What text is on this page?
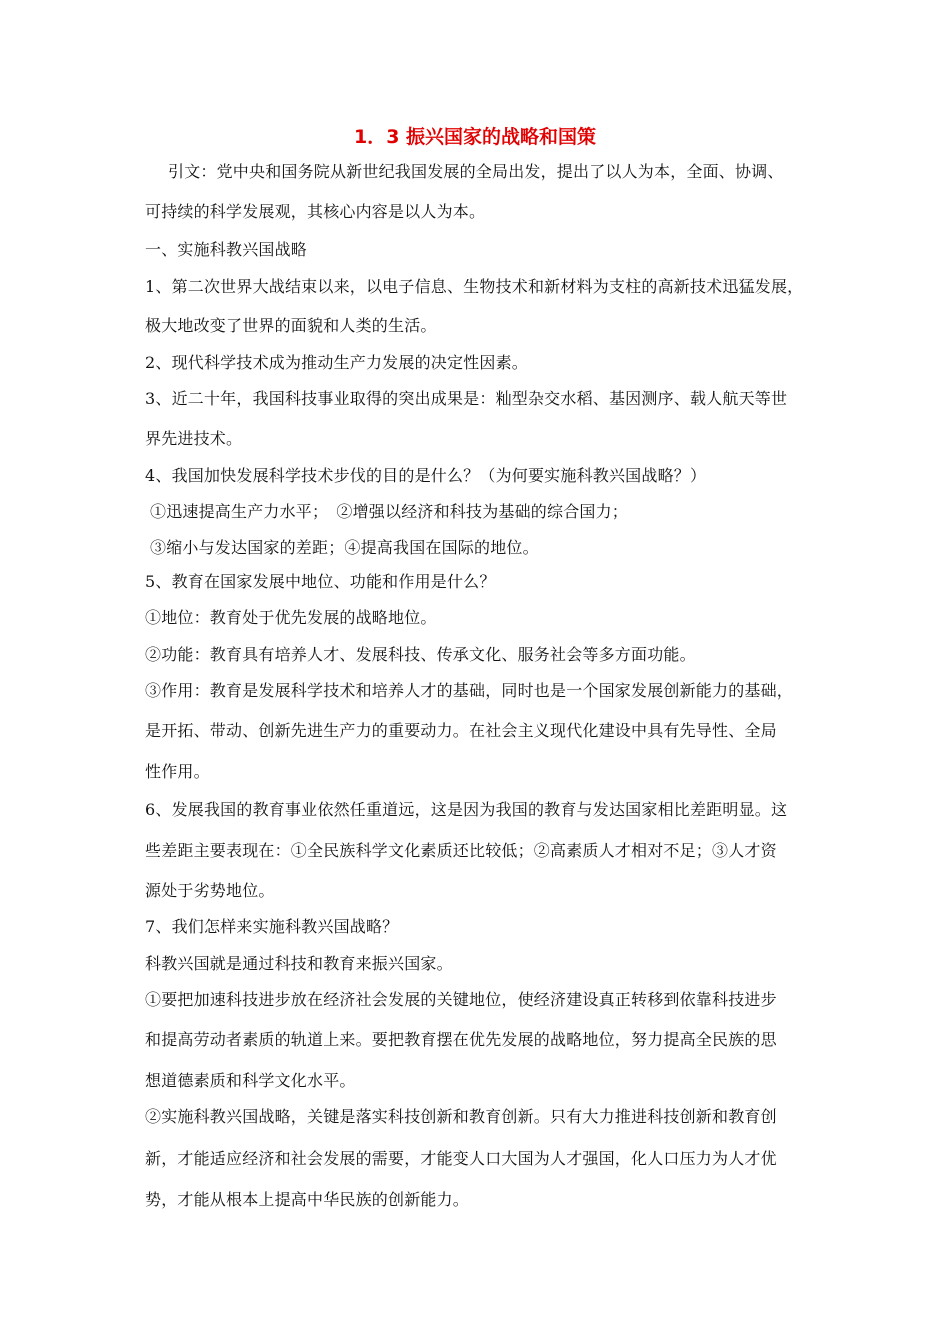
1．3 振兴国家的战略和国策
引文：党中央和国务院从新世纪我国发展的全局出发，提出了以人为本，全面、协调、
可持续的科学发展观，其核心内容是以人为本。
一、实施科教兴国战略
1、第二次世界大战结束以来，以电子信息、生物技术和新材料为支柱的高新技术迅猛发展，
极大地改变了世界的面貌和人类的生活。
2、现代科学技术成为推动生产力发展的决定性因素。
3、近二十年，我国科技事业取得的突出成果是：籼型杂交水稻、基因测序、载人航天等世
界先进技术。
4、我国加快发展科学技术步伐的目的是什么？（为何要实施科教兴国战略？）
①迅速提高生产力水平；　②增强以经济和科技为基础的综合国力；
③缩小与发达国家的差距；④提高我国在国际的地位。
5、教育在国家发展中地位、功能和作用是什么？
①地位：教育处于优先发展的战略地位。
②功能：教育具有培养人才、发展科技、传承文化、服务社会等多方面功能。
③作用：教育是发展科学技术和培养人才的基础，同时也是一个国家发展创新能力的基础，
是开拓、带动、创新先进生产力的重要动力。在社会主义现代化建设中具有先导性、全局
性作用。
6、发展我国的教育事业依然任重道远，这是因为我国的教育与发达国家相比差距明显。这
些差距主要表现在：①全民族科学文化素质还比较低；②高素质人才相对不足；③人才资
源处于劣势地位。
7、我们怎样来实施科教兴国战略？
科教兴国就是通过科技和教育来振兴国家。
①要把加速科技进步放在经济社会发展的关键地位，使经济建设真正转移到依靠科技进步
和提高劳动者素质的轨道上来。要把教育摆在优先发展的战略地位，努力提高全民族的思
想道德素质和科学文化水平。
②实施科教兴国战略，关键是落实科技创新和教育创新。只有大力推进科技创新和教育创
新，才能适应经济和社会发展的需要，才能变人口大国为人才强国，化人口压力为人才优
势，才能从根本上提高中华民族的创新能力。
